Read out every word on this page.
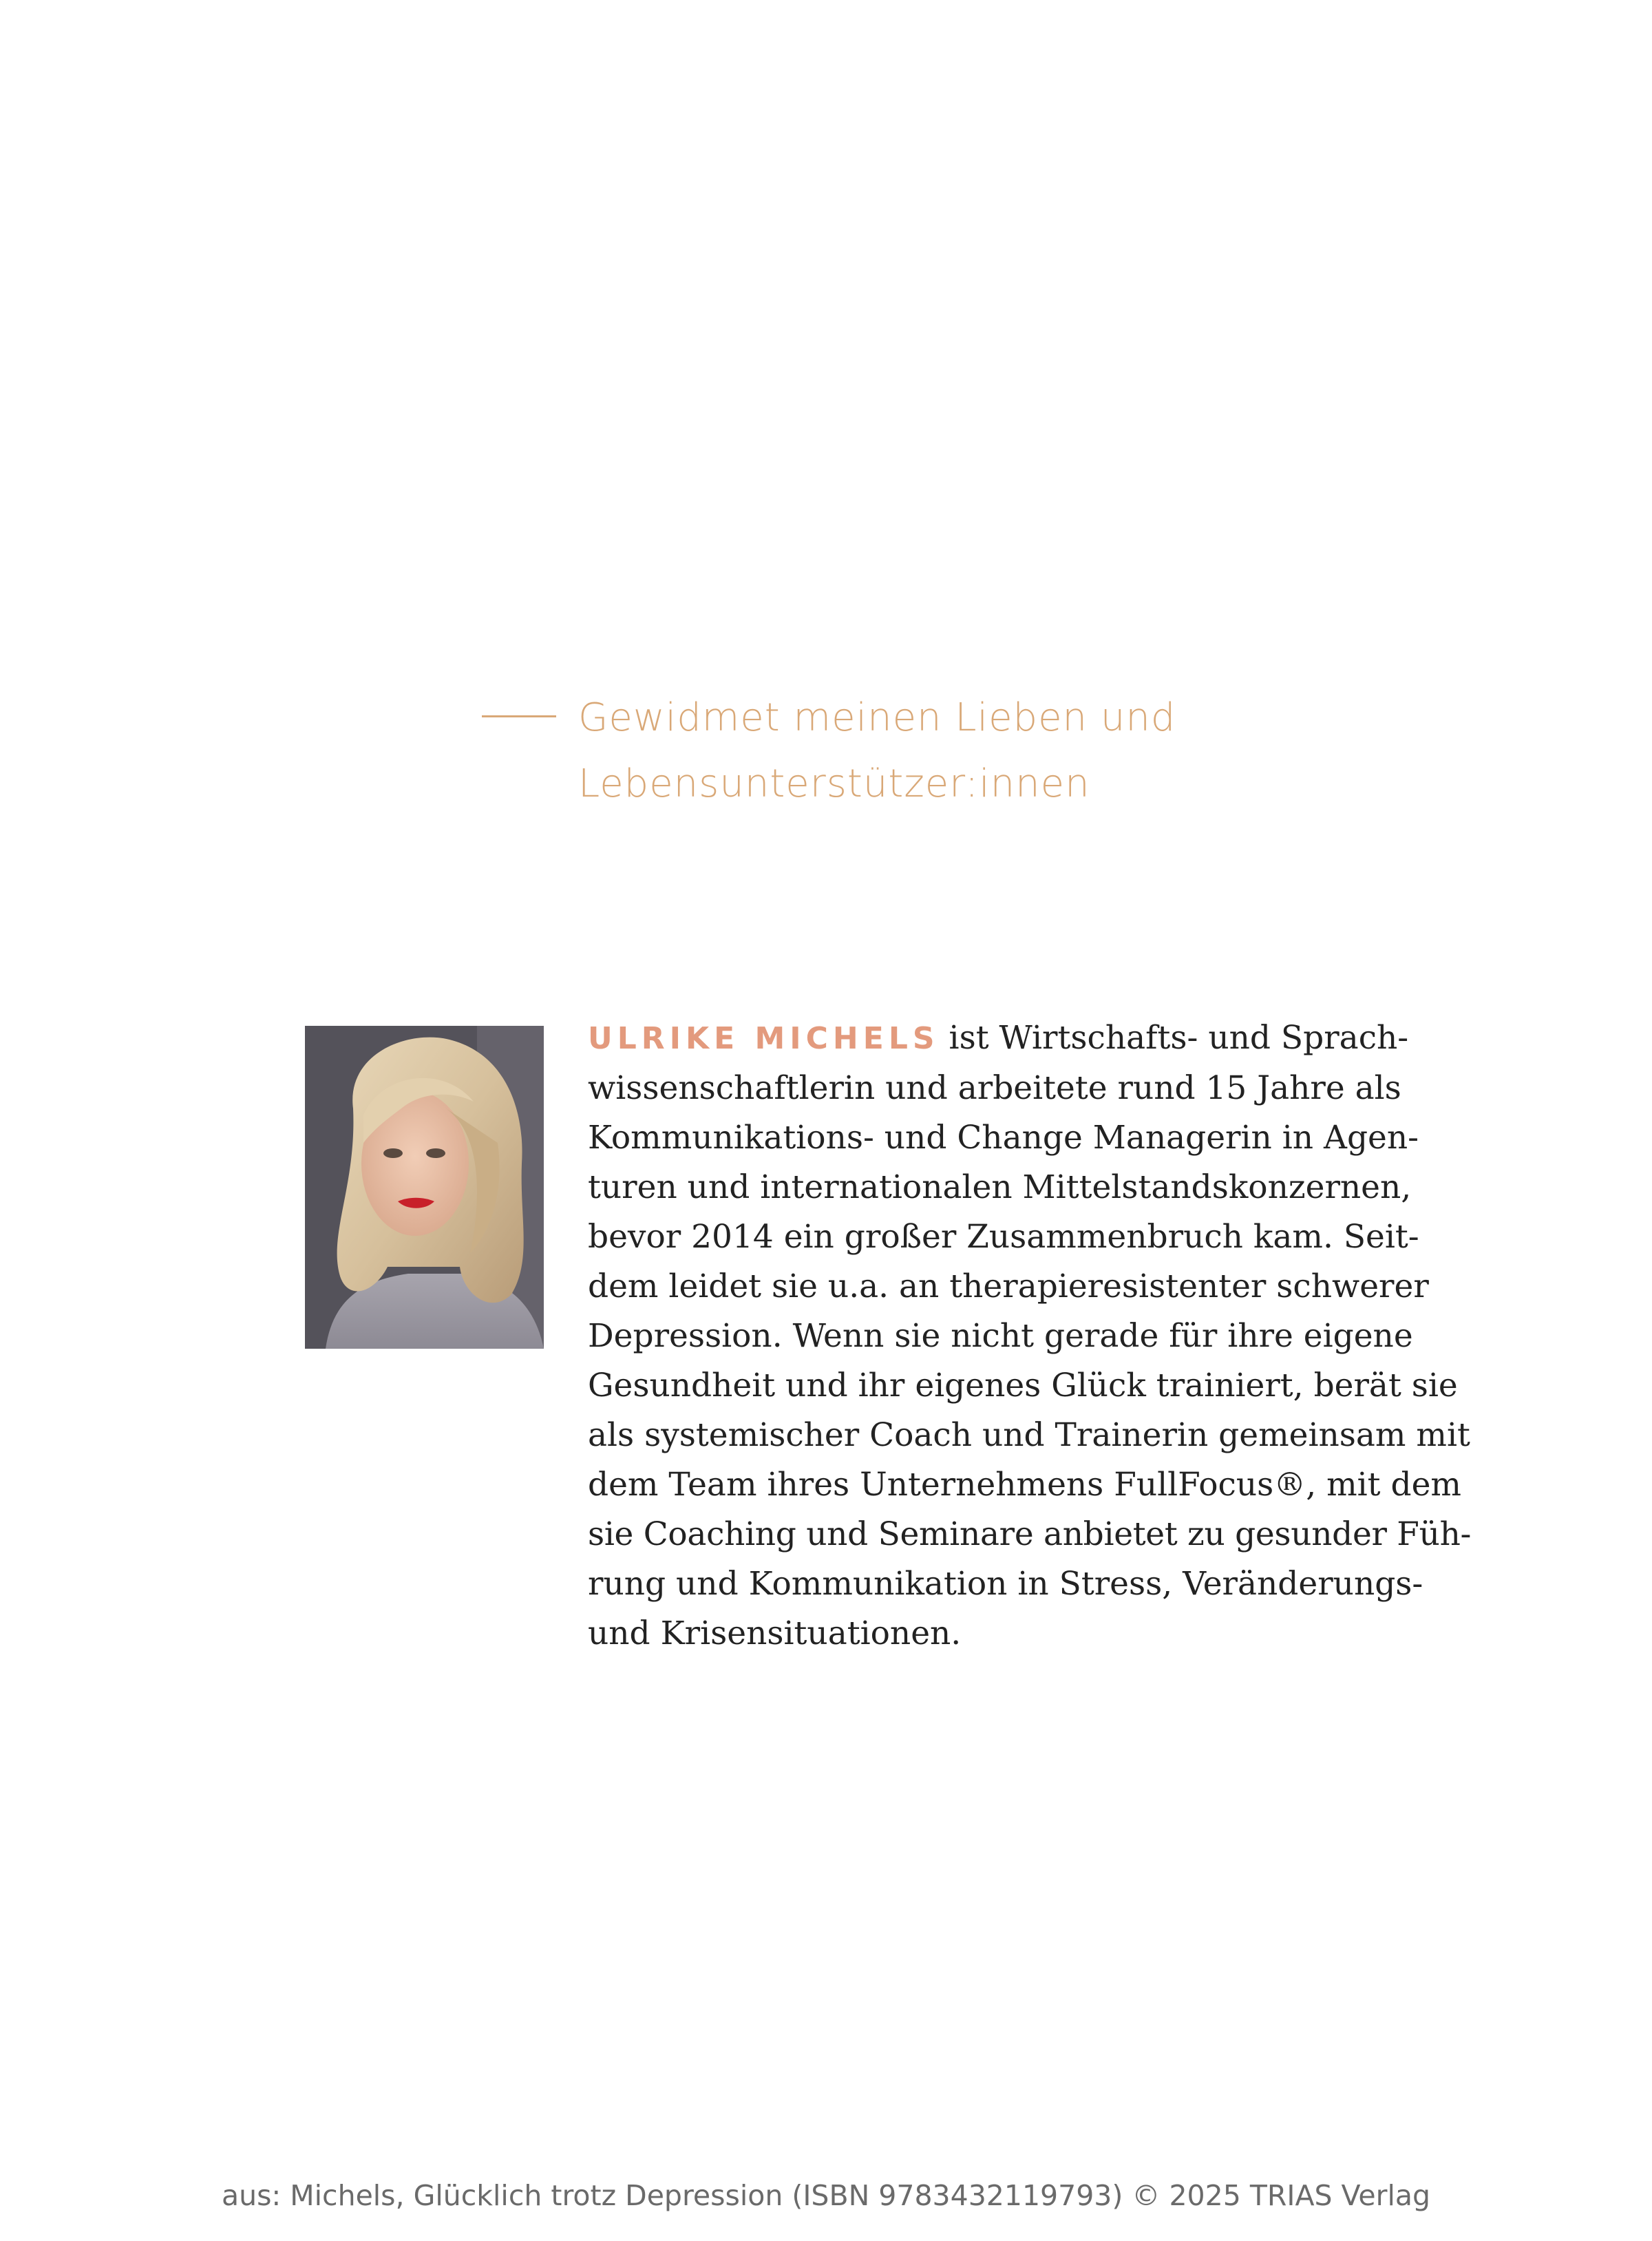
Gewidmet meinen Lieben und
Lebensunterstützer:innen
ULRIKE MICHELS ist Wirtschafts- und Sprach-
wissenschaftlerin und arbeitete rund 15 Jahre als
Kommunikations- und Change Managerin in Agen-
turen und internationalen Mittelstandskonzernen,
bevor 2014 ein großer Zusammenbruch kam. Seit-
dem leidet sie u.a. an therapieresistenter schwerer
Depression. Wenn sie nicht gerade für ihre eigene
Gesundheit und ihr eigenes Glück trainiert, berät sie
als systemischer Coach und Trainerin gemeinsam mit
dem Team ihres Unternehmens FullFocus®, mit dem
sie Coaching und Seminare anbietet zu gesunder Füh-
rung und Kommunikation in Stress, Veränderungs-
und Krisensituationen.
aus: Michels, Glücklich trotz Depression (ISBN 9783432119793) © 2025 TRIAS Verlag
